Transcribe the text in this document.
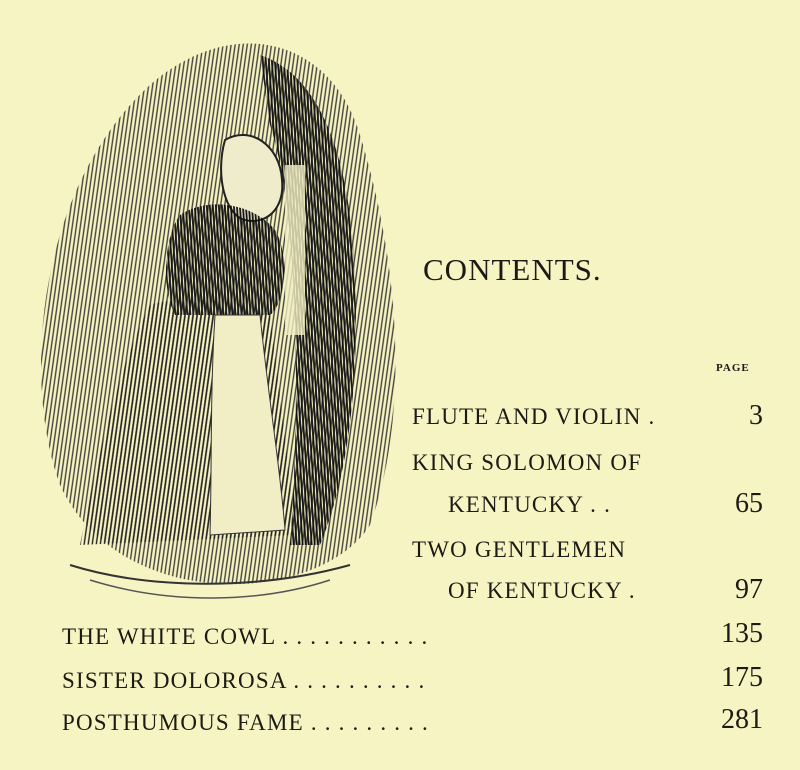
CONTENTS.
PAGE
FLUTE AND VIOLIN .	3
KING SOLOMON OF
KENTUCKY . .	65
TWO GENTLEMEN
OF KENTUCKY .	97
THE WHITE COWL . . . . . . . . . . .	135
SISTER DOLOROSA . . . . . . . . . .	175
POSTHUMOUS FAME . . . . . . . . .	281
